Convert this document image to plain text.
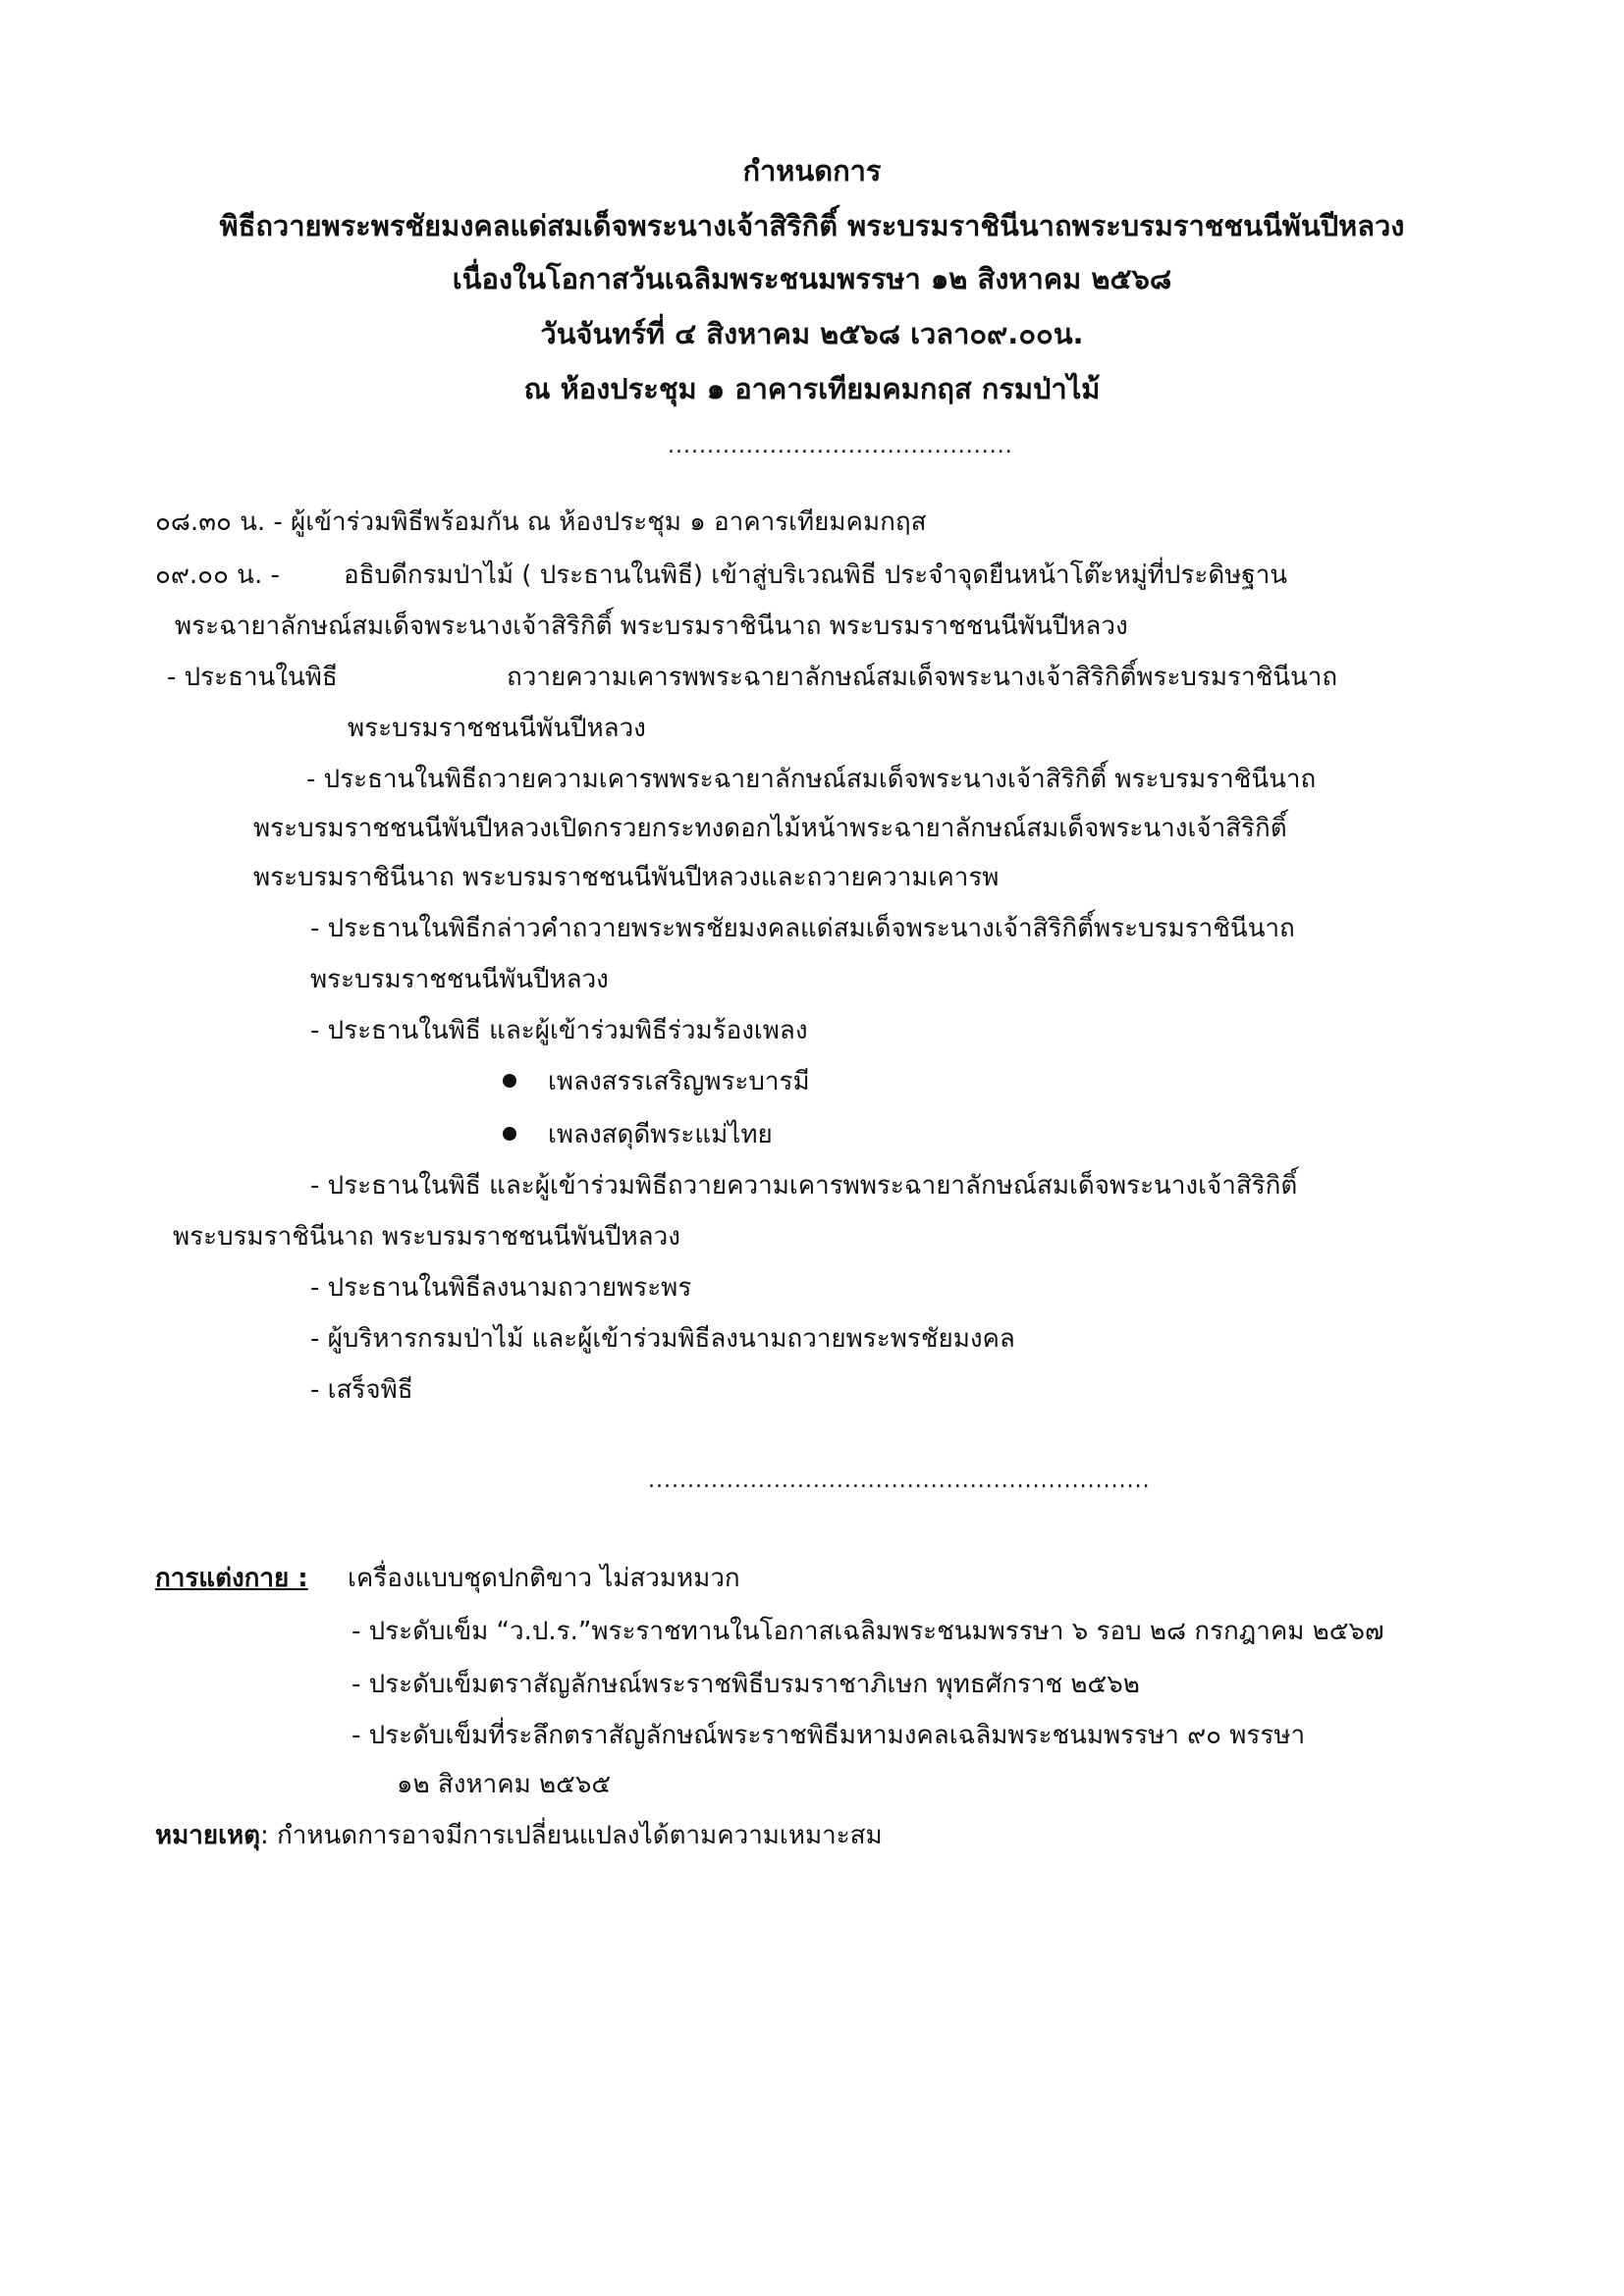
กำหนดการ
พิธีถวายพระพรชัยมงคลแด่สมเด็จพระนางเจ้าสิริกิติ์ พระบรมราชินีนาถพระบรมราชชนนีพันปีหลวง
เนื่องในโอกาสวันเฉลิมพระชนมพรรษา ๑๒ สิงหาคม ๒๕๖๘
วันจันทร์ที่ ๔ สิงหาคม ๒๕๖๘ เวลา๐๙.๐๐น.
ณ ห้องประชุม ๑ อาคารเทียมคมกฤส กรมป่าไม้
............................................
๐๘.๓๐ น. - ผู้เข้าร่วมพิธีพร้อมกัน ณ ห้องประชุม ๑ อาคารเทียมคมกฤส
๐๙.๐๐ น. -	อธิบดีกรมป่าไม้ ( ประธานในพิธี) เข้าสู่บริเวณพิธี ประจำจุดยืนหน้าโต๊ะหมู่ที่ประดิษฐาน
พระฉายาลักษณ์สมเด็จพระนางเจ้าสิริกิติ์ พระบรมราชินีนาถ พระบรมราชชนนีพันปีหลวง
- ประธานในพิธี	ถวายความเคารพพระฉายาลักษณ์สมเด็จพระนางเจ้าสิริกิติ์พระบรมราชินีนาถ
พระบรมราชชนนีพันปีหลวง
- ประธานในพิธีถวายความเคารพพระฉายาลักษณ์สมเด็จพระนางเจ้าสิริกิติ์ พระบรมราชินีนาถ
พระบรมราชชนนีพันปีหลวงเปิดกรวยกระทงดอกไม้หน้าพระฉายาลักษณ์สมเด็จพระนางเจ้าสิริกิติ์
พระบรมราชินีนาถ พระบรมราชชนนีพันปีหลวงและถวายความเคารพ
- ประธานในพิธีกล่าวคำถวายพระพรชัยมงคลแด่สมเด็จพระนางเจ้าสิริกิติ์พระบรมราชินีนาถ
พระบรมราชชนนีพันปีหลวง
- ประธานในพิธี และผู้เข้าร่วมพิธีร่วมร้องเพลง
เพลงสรรเสริญพระบารมี
เพลงสดุดีพระแม่ไทย
- ประธานในพิธี และผู้เข้าร่วมพิธีถวายความเคารพพระฉายาลักษณ์สมเด็จพระนางเจ้าสิริกิติ์
พระบรมราชินีนาถ พระบรมราชชนนีพันปีหลวง
- ประธานในพิธีลงนามถวายพระพร
- ผู้บริหารกรมป่าไม้ และผู้เข้าร่วมพิธีลงนามถวายพระพรชัยมงคล
- เสร็จพิธี
................................................................
การแต่งกาย : เครื่องแบบชุดปกติขาว ไม่สวมหมวก
- ประดับเข็ม “ว.ป.ร.”พระราชทานในโอกาสเฉลิมพระชนมพรรษา ๖ รอบ ๒๘ กรกฎาคม ๒๕๖๗
- ประดับเข็มตราสัญลักษณ์พระราชพิธีบรมราชาภิเษก พุทธศักราช ๒๕๖๒
- ประดับเข็มที่ระลึกตราสัญลักษณ์พระราชพิธีมหามงคลเฉลิมพระชนมพรรษา ๙๐ พรรษา
๑๒ สิงหาคม ๒๕๖๕
หมายเหตุ: กำหนดการอาจมีการเปลี่ยนแปลงได้ตามความเหมาะสม
